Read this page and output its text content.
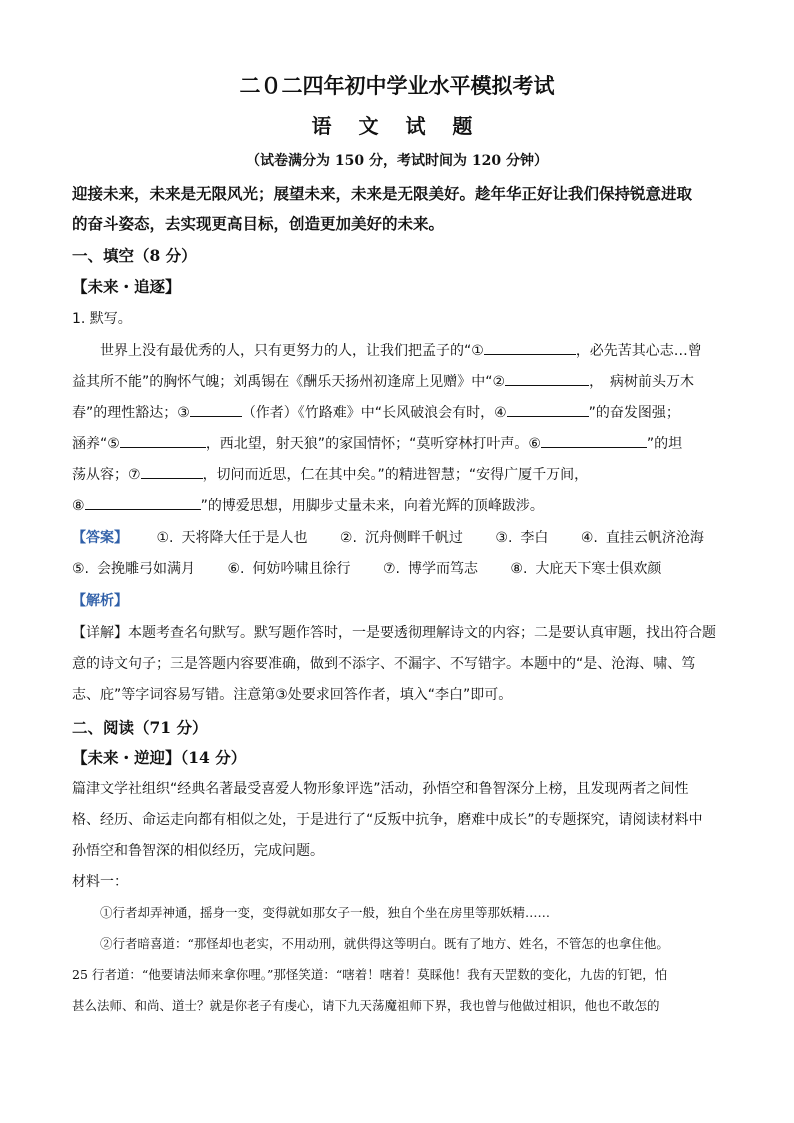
二０二四年初中学业水平模拟考试
语 文 试 题
（试卷满分为 150 分，考试时间为 120 分钟）
迎接未来，未来是无限风光；展望未来，未来是无限美好。趁年华正好让我们保持锐意进取
的奋斗姿态，去实现更高目标，创造更加美好的未来。
一、填空（8 分）
【未来・追逐】
1. 默写。
世界上没有最优秀的人，只有更努力的人，让我们把孟子的“①	，必先苦其心志…曾
益其所不能”的胸怀气魄；刘禹锡在《酬乐天扬州初逢席上见赠》中“②	，　病树前头万木
春”的理性豁达；③	（作者）《竹路难》中“长风破浪会有时，④	”的奋发图强；
涵养“⑤	，西北望，射天狼”的家国情怀；“莫听穿林打叶声。⑥	”的坦
荡从容；⑦	，切问而近思，仁在其中矣。”的精进智慧；“安得广厦千万间，
⑧	”的博爱思想，用脚步丈量未来，向着光辉的顶峰跋涉。
【答案】 ①. 天将降大任于是人也 ②. 沉舟侧畔千帆过 ③. 李白 ④. 直挂云帆济沧海
⑤. 会挽雕弓如满月 ⑥. 何妨吟啸且徐行 ⑦. 博学而笃志 ⑧. 大庇天下寒士俱欢颜
【解析】
【详解】本题考查名句默写。默写题作答时，一是要透彻理解诗文的内容；二是要认真审题，找出符合题
意的诗文句子；三是答题内容要准确，做到不添字、不漏字、不写错字。本题中的“是、沧海、啸、笃
志、庇”等字词容易写错。注意第③处要求回答作者，填入“李白”即可。
二、阅读（71 分）
【未来・逆迎】（14 分）
篇津文学社组织“经典名著最受喜爱人物形象评选”活动，孙悟空和鲁智深分上榜，且发现两者之间性
格、经历、命运走向都有相似之处，于是进行了“反叛中抗争，磨难中成长”的专题探究，请阅读材料中
孙悟空和鲁智深的相似经历，完成问题。
材料一：
①行者却弄神通，摇身一变，变得就如那女子一般，独自个坐在房里等那妖精……
②行者暗喜道：“那怪却也老实，不用动刑，就供得这等明白。既有了地方、姓名，不管怎的也拿住他。
25 行者道：“他要请法师来拿你哩。”那怪笑道：“嗐着！嗐着！莫睬他！我有天罡数的变化，九齿的钉钯，怕
甚么法师、和尚、道士？就是你老子有虔心，请下九天荡魔祖师下界，我也曾与他做过相识，他也不敢怎的
